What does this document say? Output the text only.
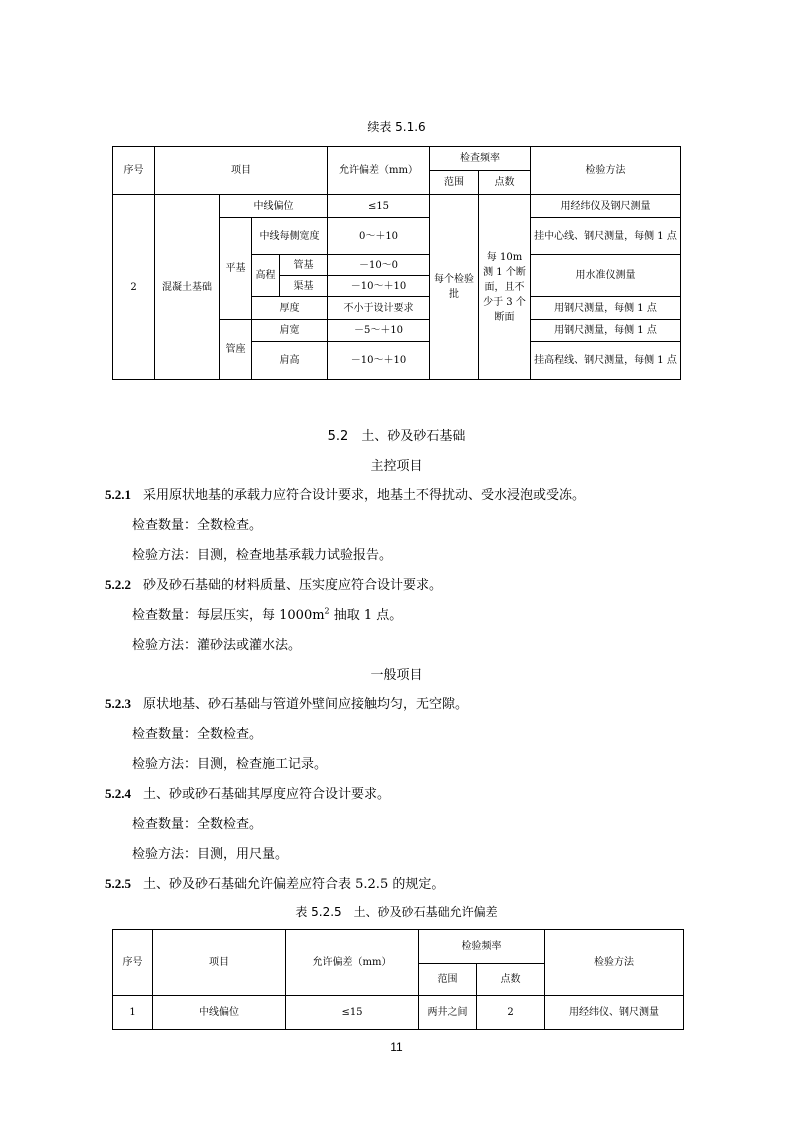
续表 5.1.6
序号	项目				允许偏差（mm）	检查频率		检验方法
						范围	点数	
2	混凝土基础	中线偏位			≤15	每个检验批	每 10m 测 1 个断面，且不少于 3 个断面	用经纬仪及钢尺测量
		平基	中线每侧宽度		0～＋10			挂中心线、钢尺测量，每侧 1 点
			高程	管基	－10～0			用水准仪测量
				渠基	－10～＋10			
			厚度		不小于设计要求			用钢尺测量，每侧 1 点
		管座	肩宽		－5～＋10			用钢尺测量，每侧 1 点
			肩高		－10～＋10			挂高程线、钢尺测量，每侧 1 点
5.2　土、砂及砂石基础
主控项目
5.2.1 采用原状地基的承载力应符合设计要求，地基土不得扰动、受水浸泡或受冻。
检查数量：全数检查。
检验方法：目测，检查地基承载力试验报告。
5.2.2 砂及砂石基础的材料质量、压实度应符合设计要求。
检查数量：每层压实，每 $1000m^2$ 抽取 1 点。
检验方法：灌砂法或灌水法。
一般项目
5.2.3 原状地基、砂石基础与管道外壁间应接触均匀，无空隙。
检查数量：全数检查。
检验方法：目测，检查施工记录。
5.2.4 土、砂或砂石基础其厚度应符合设计要求。
检查数量：全数检查。
检验方法：目测，用尺量。
5.2.5 土、砂及砂石基础允许偏差应符合表 5.2.5 的规定。
表 5.2.5　土、砂及砂石基础允许偏差
序号	项目	允许偏差（mm）	检验频率		检验方法
			范围	点数	
1	中线偏位	≤15	两井之间	2	用经纬仪、钢尺测量
11
